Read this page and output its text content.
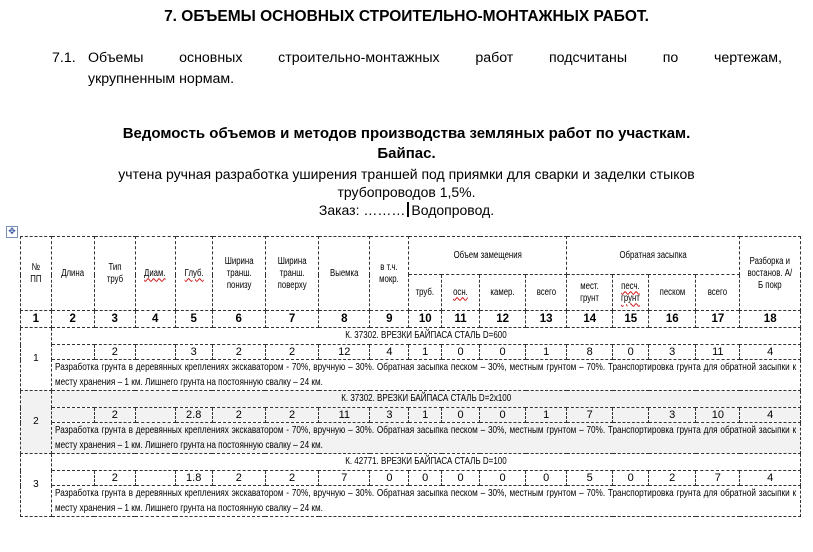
7. ОБЪЕМЫ ОСНОВНЫХ СТРОИТЕЛЬНО-МОНТАЖНЫХ РАБОТ.
7.1. Объемы основных строительно-монтажных работ подсчитаны по чертежам,
укрупненным нормам.
Ведомость объемов и методов производства земляных работ по участкам.
Байпас.
учтена ручная разработка уширения траншей под приямки для сварки и заделки стыков
трубопроводов 1,5%.
Заказ: ……… Водопровод.
✥
№ ПП	Длина	Тип труб	Диам.	Глуб.	Ширина транш. понизу	Ширина транш. поверху	Выемка	в т.ч. мокр.	Объем замещения				Обратная засыпка				Разборка и востанов. А/Б покр
									труб.	осн.	камер.	всего	мест. грунт	песч. грунт	песком	всего	
1	2	3	4	5	6	7	8	9	10	11	12	13	14	15	16	17	18
1	К. 37302. ВРЕЗКИ БАЙПАСА СТАЛЬ D=600																
		2		3	2	2	12	4	1	0	0	1	8	0	3	11	4
	Разработка грунта в деревянных креплениях экскаватором - 70%, вручную – 30%. Обратная засыпка песком – 30%, местным грунтом – 70%. Транспортировка грунта для обратной засыпки к месту хранения – 1 км. Лишнего грунта на постоянную свалку – 24 км.																
2	К. 37302. ВРЕЗКИ БАЙПАСА СТАЛЬ D=2x100																
		2		2.8	2	2	11	3	1	0	0	1	7		3	10	4
	Разработка грунта в деревянных креплениях экскаватором - 70%, вручную – 30%. Обратная засыпка песком – 30%, местным грунтом – 70%. Транспортировка грунта для обратной засыпки к месту хранения – 1 км. Лишнего грунта на постоянную свалку – 24 км.																
3	К. 42771. ВРЕЗКИ БАЙПАСА СТАЛЬ D=100																
		2		1.8	2	2	7	0	0	0	0	0	5	0	2	7	4
	Разработка грунта в деревянных креплениях экскаватором - 70%, вручную – 30%. Обратная засыпка песком – 30%, местным грунтом – 70%. Транспортировка грунта для обратной засыпки к месту хранения – 1 км. Лишнего грунта на постоянную свалку – 24 км.																
